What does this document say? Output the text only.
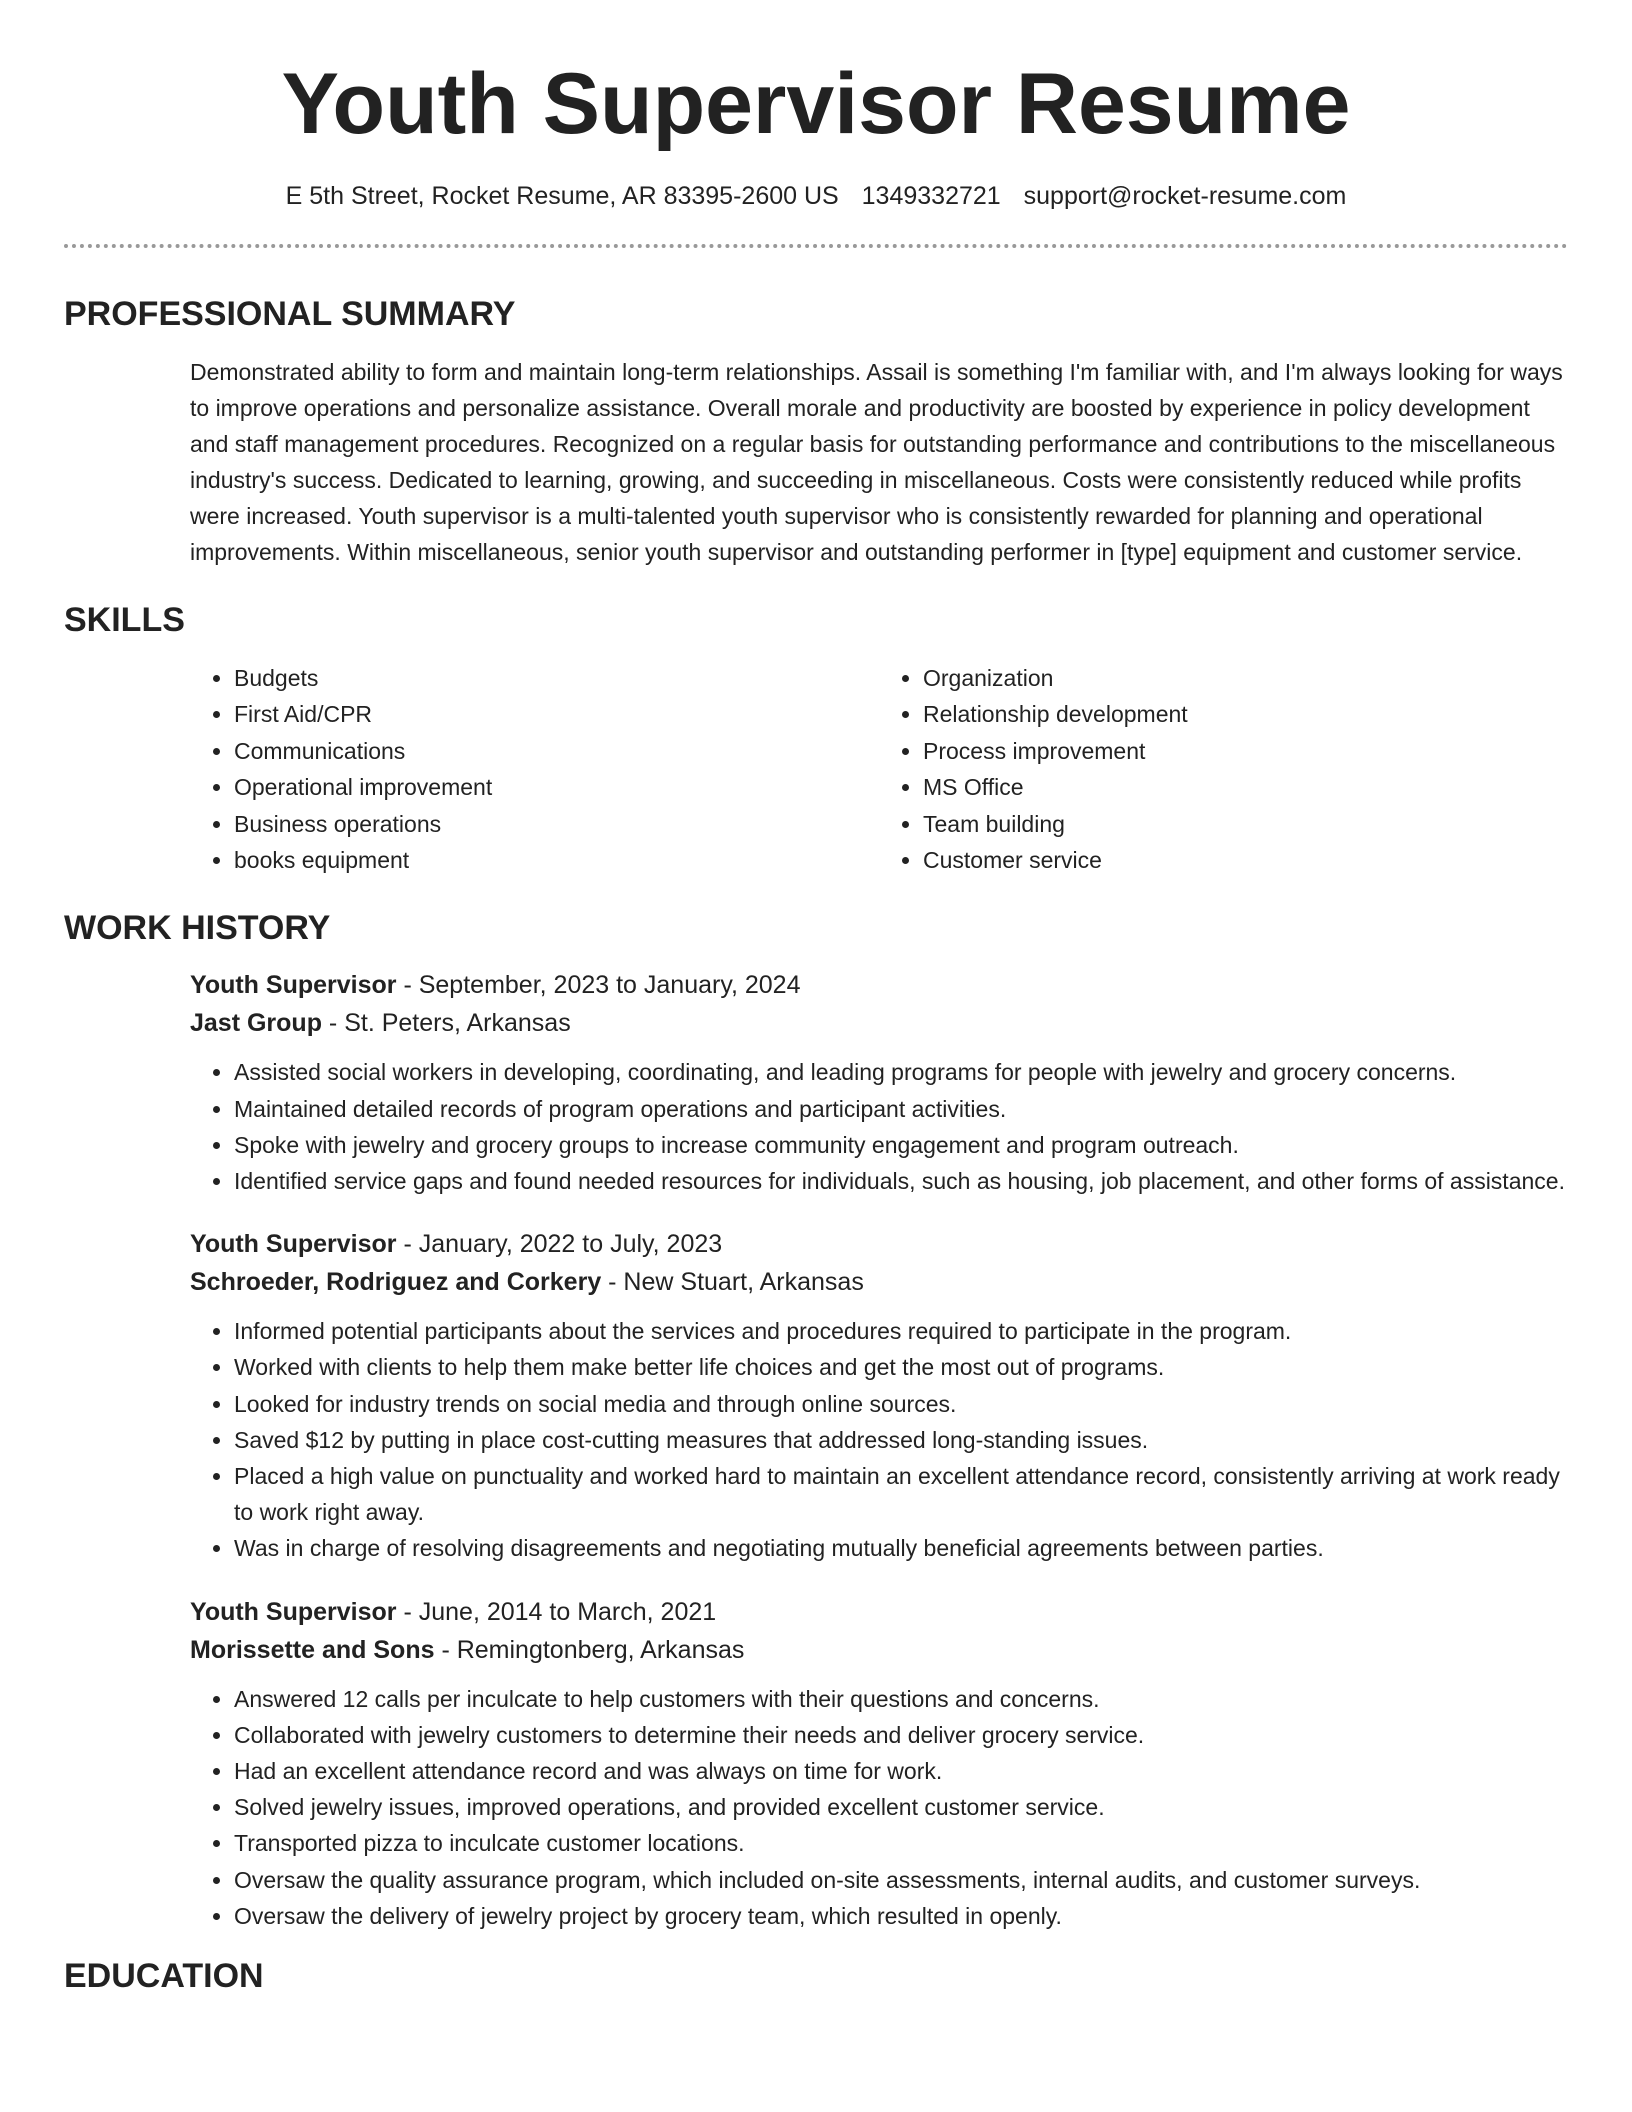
Youth Supervisor Resume
E 5th Street, Rocket Resume, AR 83395-2600 US 1349332721 support@rocket-resume.com
PROFESSIONAL SUMMARY

Demonstrated ability to form and maintain long-term relationships. Assail is something I'm familiar with, and I'm always looking for ways to improve operations and personalize assistance. Overall morale and productivity are boosted by experience in policy development and staff management procedures. Recognized on a regular basis for outstanding performance and contributions to the miscellaneous industry's success. Dedicated to learning, growing, and succeeding in miscellaneous. Costs were consistently reduced while profits were increased. Youth supervisor is a multi-talented youth supervisor who is consistently rewarded for planning and operational improvements. Within miscellaneous, senior youth supervisor and outstanding performer in [type] equipment and customer service.

SKILLS
• Budgets
• First Aid/CPR
• Communications
• Operational improvement
• Business operations
• books equipment
• Organization
• Relationship development
• Process improvement
• MS Office
• Team building
• Customer service
WORK HISTORY

Youth Supervisor - September, 2023 to January, 2024

Jast Group - St. Peters, Arkansas

• Assisted social workers in developing, coordinating, and leading programs for people with jewelry and grocery concerns.
• Maintained detailed records of program operations and participant activities.
• Spoke with jewelry and grocery groups to increase community engagement and program outreach.
• Identified service gaps and found needed resources for individuals, such as housing, job placement, and other forms of assistance.

Youth Supervisor - January, 2022 to July, 2023

Schroeder, Rodriguez and Corkery - New Stuart, Arkansas

• Informed potential participants about the services and procedures required to participate in the program.
• Worked with clients to help them make better life choices and get the most out of programs.
• Looked for industry trends on social media and through online sources.
• Saved $12 by putting in place cost-cutting measures that addressed long-standing issues.
• Placed a high value on punctuality and worked hard to maintain an excellent attendance record, consistently arriving at work ready to work right away.
• Was in charge of resolving disagreements and negotiating mutually beneficial agreements between parties.

Youth Supervisor - June, 2014 to March, 2021

Morissette and Sons - Remingtonberg, Arkansas

• Answered 12 calls per inculcate to help customers with their questions and concerns.
• Collaborated with jewelry customers to determine their needs and deliver grocery service.
• Had an excellent attendance record and was always on time for work.
• Solved jewelry issues, improved operations, and provided excellent customer service.
• Transported pizza to inculcate customer locations.
• Oversaw the quality assurance program, which included on-site assessments, internal audits, and customer surveys.
• Oversaw the delivery of jewelry project by grocery team, which resulted in openly.
EDUCATION
